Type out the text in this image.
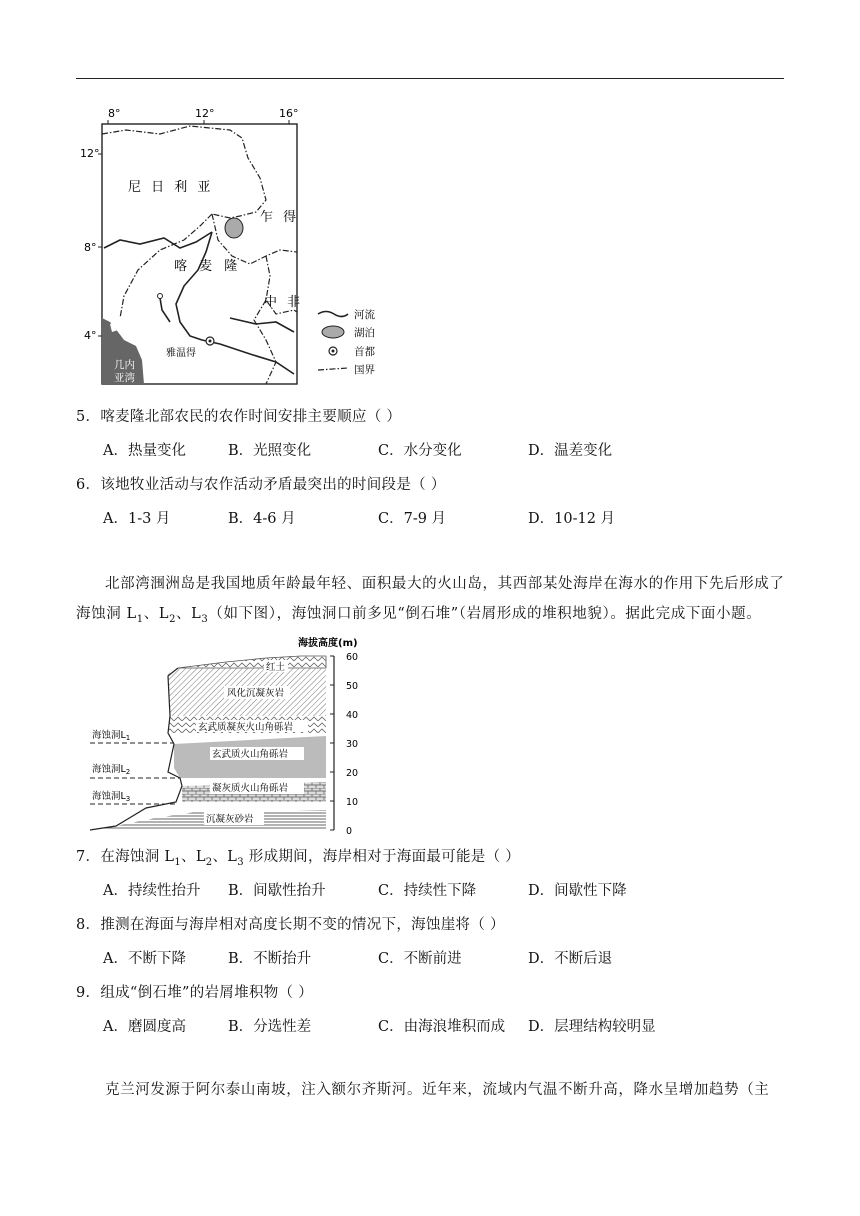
8°	12°	16°
12°
8°
4°
几内
亚湾
雅温得
尼 日 利 亚
乍 得
喀 麦 隆
中 非
河流
湖泊
首都
国界
5．喀麦隆北部农民的农作时间安排主要顺应（ ）
A．热量变化	B．光照变化	C．水分变化	D．温差变化
6．该地牧业活动与农作活动矛盾最突出的时间段是（ ）
A．1-3 月	B．4-6 月	C．7-9 月	D．10-12 月
北部湾涠洲岛是我国地质年龄最年轻、面积最大的火山岛，其西部某处海岸在海水的作用下先后形成了海蚀洞 $L_1$、$L_2$、$L_3$（如下图），海蚀洞口前多见“倒石堆”（岩屑形成的堆积地貌）。据此完成下面小题。
红土
风化沉凝灰岩
玄武质凝灰火山角砾岩
玄武质火山角砾岩
凝灰质火山角砾岩
沉凝灰砂岩
海蚀洞$L_1$
海蚀洞$L_2$
海蚀洞$L_3$
海拔高度(m)
60
50
40
30
20
10
0
7．在海蚀洞 $L_1$、$L_2$、$L_3$ 形成期间，海岸相对于海面最可能是（ ）
A．持续性抬升 B．间歇性抬升	C．持续性下降	D．间歇性下降
8．推测在海面与海岸相对高度长期不变的情况下，海蚀崖将（ ）
A．不断下降	B．不断抬升	C．不断前进	D．不断后退
9．组成“倒石堆”的岩屑堆积物（ ）
A．磨圆度高	B．分选性差	C．由海浪堆积而成 D．层理结构较明显
克兰河发源于阿尔泰山南坡，注入额尔齐斯河。近年来，流域内气温不断升高，降水呈增加趋势（主
